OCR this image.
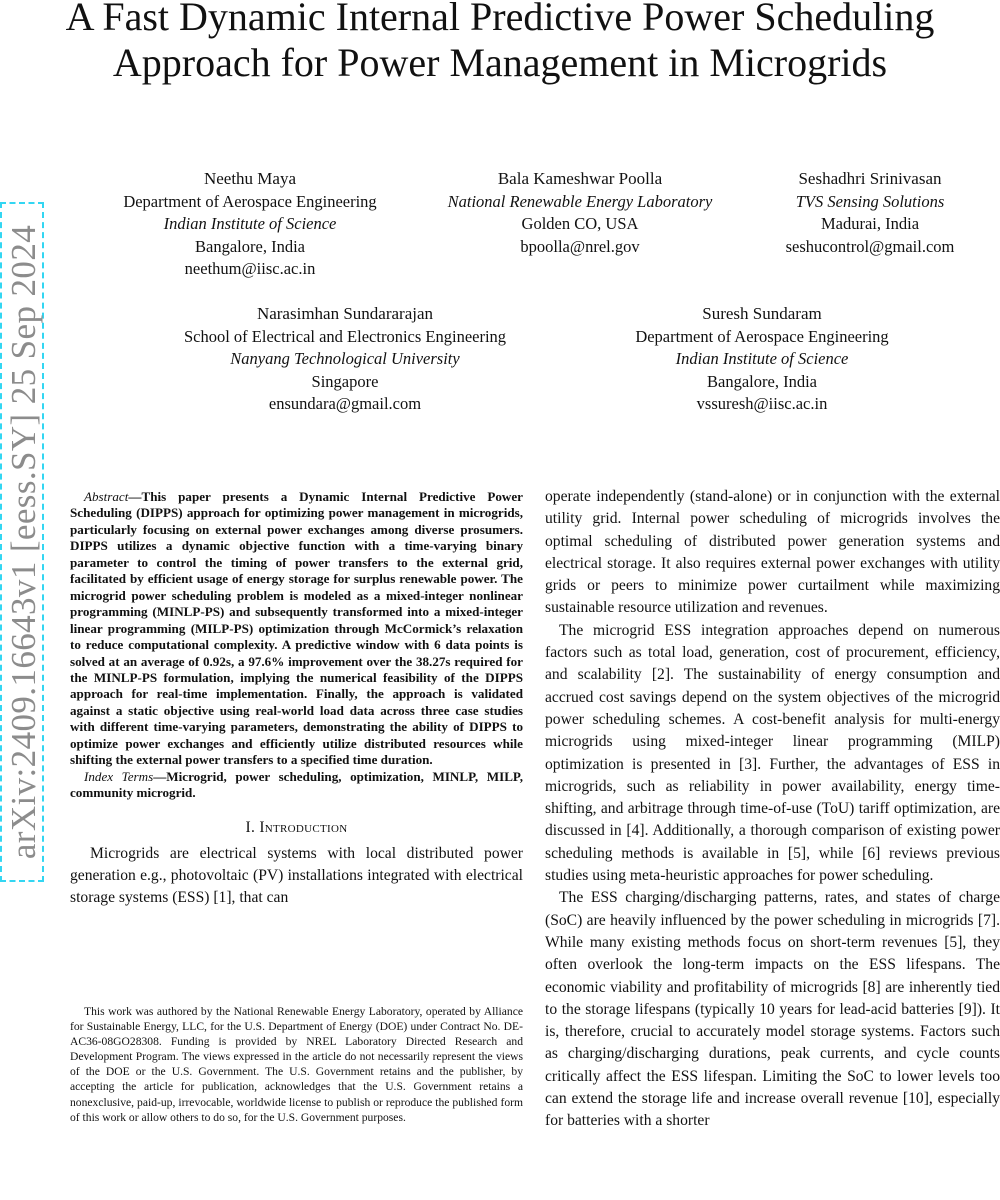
arXiv:2409.16643v1 [eess.SY] 25 Sep 2024
A Fast Dynamic Internal Predictive Power Scheduling Approach for Power Management in Microgrids
Neethu Maya
Department of Aerospace Engineering
Indian Institute of Science
Bangalore, India
neethum@iisc.ac.in
Bala Kameshwar Poolla
National Renewable Energy Laboratory
Golden CO, USA
bpoolla@nrel.gov
Seshadhri Srinivasan
TVS Sensing Solutions
Madurai, India
seshucontrol@gmail.com
Narasimhan Sundararajan
School of Electrical and Electronics Engineering
Nanyang Technological University
Singapore
ensundara@gmail.com
Suresh Sundaram
Department of Aerospace Engineering
Indian Institute of Science
Bangalore, India
vssuresh@iisc.ac.in

Abstract—This paper presents a Dynamic Internal Predictive Power Scheduling (DIPPS) approach for optimizing power management in microgrids, particularly focusing on external power exchanges among diverse prosumers. DIPPS utilizes a dynamic objective function with a time-varying binary parameter to control the timing of power transfers to the external grid, facilitated by efficient usage of energy storage for surplus renewable power. The microgrid power scheduling problem is modeled as a mixed-integer nonlinear programming (MINLP-PS) and subsequently transformed into a mixed-integer linear programming (MILP-PS) optimization through McCormick’s relaxation to reduce computational complexity. A predictive window with 6 data points is solved at an average of 0.92s, a 97.6% improvement over the 38.27s required for the MINLP-PS formulation, implying the numerical feasibility of the DIPPS approach for real-time implementation. Finally, the approach is validated against a static objective using real-world load data across three case studies with different time-varying parameters, demonstrating the ability of DIPPS to optimize power exchanges and efficiently utilize distributed resources while shifting the external power transfers to a specified time duration.

Index Terms—Microgrid, power scheduling, optimization, MINLP, MILP, community microgrid.

I. Introduction

Microgrids are electrical systems with local distributed power generation e.g., photovoltaic (PV) installations integrated with electrical storage systems (ESS) [1], that can

This work was authored by the National Renewable Energy Laboratory, operated by Alliance for Sustainable Energy, LLC, for the U.S. Department of Energy (DOE) under Contract No. DE-AC36-08GO28308. Funding is provided by NREL Laboratory Directed Research and Development Program. The views expressed in the article do not necessarily represent the views of the DOE or the U.S. Government. The U.S. Government retains and the publisher, by accepting the article for publication, acknowledges that the U.S. Government retains a nonexclusive, paid-up, irrevocable, worldwide license to publish or reproduce the published form of this work or allow others to do so, for the U.S. Government purposes.

operate independently (stand-alone) or in conjunction with the external utility grid. Internal power scheduling of microgrids involves the optimal scheduling of distributed power generation systems and electrical storage. It also requires external power exchanges with utility grids or peers to minimize power curtailment while maximizing sustainable resource utilization and revenues.

The microgrid ESS integration approaches depend on numerous factors such as total load, generation, cost of procurement, efficiency, and scalability [2]. The sustainability of energy consumption and accrued cost savings depend on the system objectives of the microgrid power scheduling schemes. A cost-benefit analysis for multi-energy microgrids using mixed-integer linear programming (MILP) optimization is presented in [3]. Further, the advantages of ESS in microgrids, such as reliability in power availability, energy time-shifting, and arbitrage through time-of-use (ToU) tariff optimization, are discussed in [4]. Additionally, a thorough comparison of existing power scheduling methods is available in [5], while [6] reviews previous studies using meta-heuristic approaches for power scheduling.

The ESS charging/discharging patterns, rates, and states of charge (SoC) are heavily influenced by the power scheduling in microgrids [7]. While many existing methods focus on short-term revenues [5], they often overlook the long-term impacts on the ESS lifespans. The economic viability and profitability of microgrids [8] are inherently tied to the storage lifespans (typically 10 years for lead-acid batteries [9]). It is, therefore, crucial to accurately model storage systems. Factors such as charging/discharging durations, peak currents, and cycle counts critically affect the ESS lifespan. Limiting the SoC to lower levels too can extend the storage life and increase overall revenue [10], especially for batteries with a shorter
